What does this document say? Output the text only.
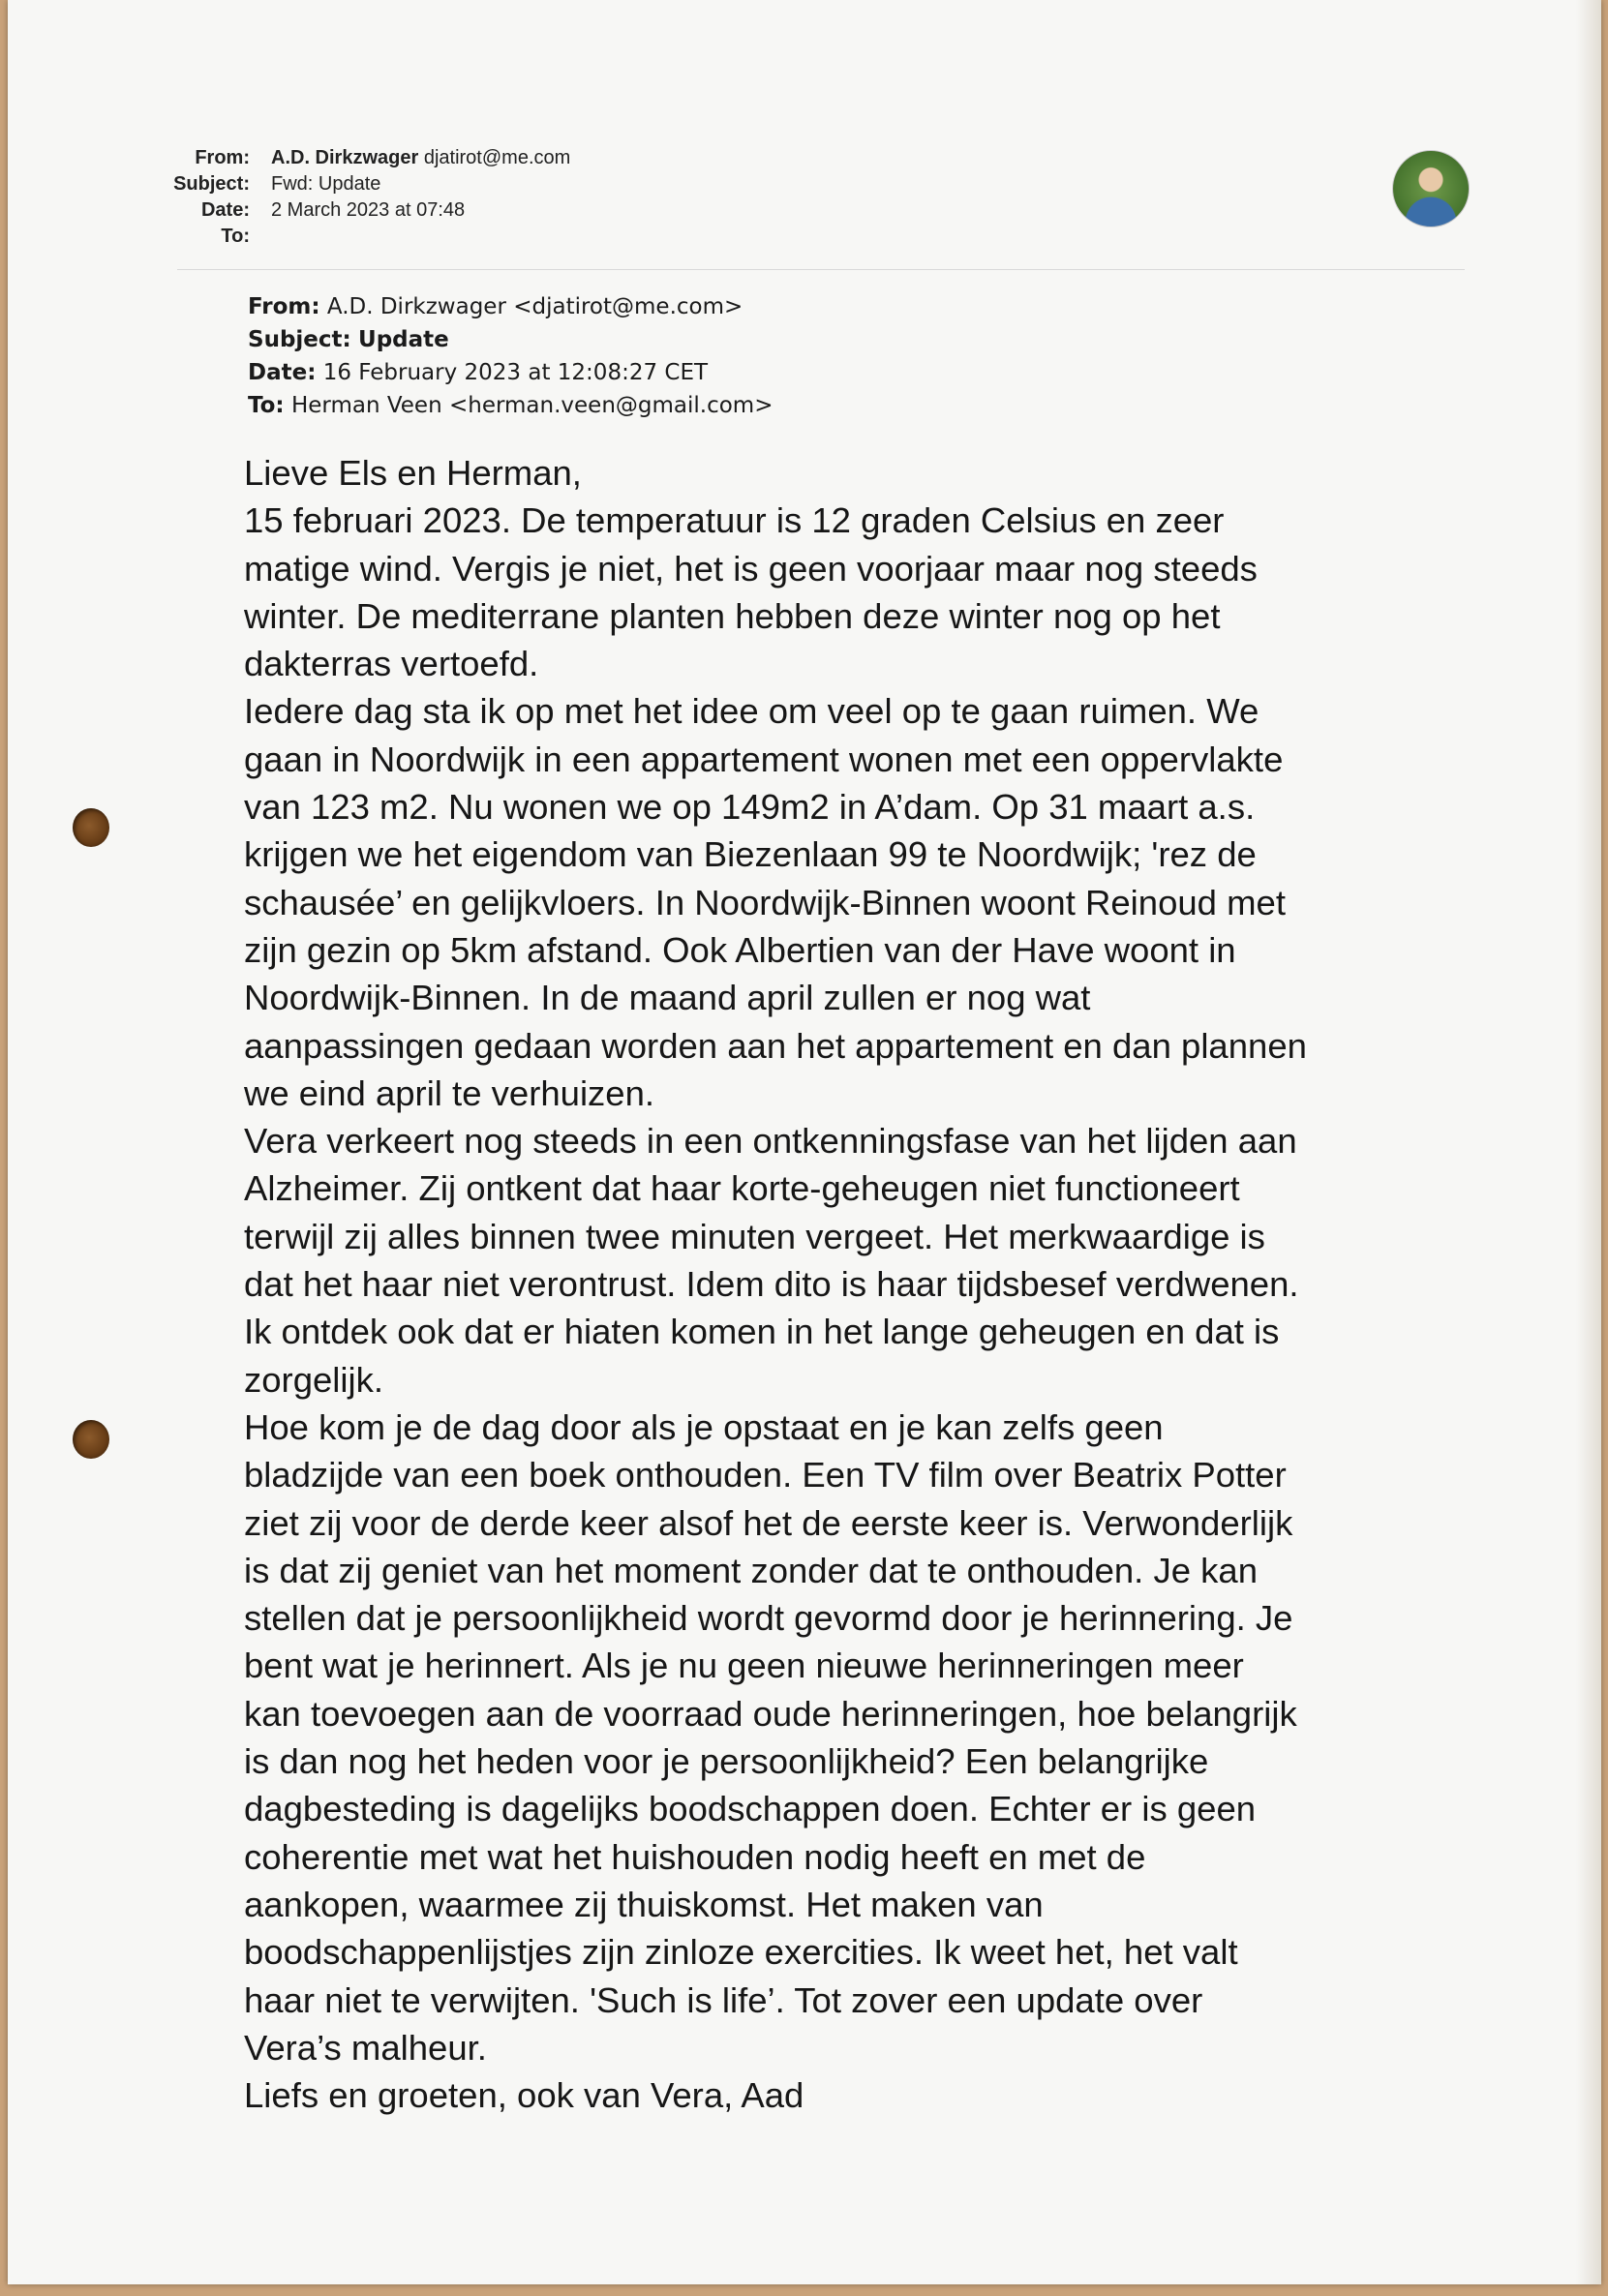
From: A.D. Dirkzwager djatirot@me.com
Subject: Fwd: Update
Date: 2 March 2023 at 07:48
To:
From: A.D. Dirkzwager <djatirot@me.com>
Subject: Update
Date: 16 February 2023 at 12:08:27 CET
To: Herman Veen <herman.veen@gmail.com>
Lieve Els en Herman,
15 februari 2023. De temperatuur is 12 graden Celsius en zeer
matige wind. Vergis je niet, het is geen voorjaar maar nog steeds
winter. De mediterrane planten hebben deze winter nog op het
dakterras vertoefd.
Iedere dag sta ik op met het idee om veel op te gaan ruimen. We
gaan in Noordwijk in een appartement wonen met een oppervlakte
van 123 m2. Nu wonen we op 149m2 in A’dam. Op 31 maart a.s.
krijgen we het eigendom van Biezenlaan 99 te Noordwijk; 'rez de
schausée’ en gelijkvloers. In Noordwijk-Binnen woont Reinoud met
zijn gezin op 5km afstand. Ook Albertien van der Have woont in
Noordwijk-Binnen. In de maand april zullen er nog wat
aanpassingen gedaan worden aan het appartement en dan plannen
we eind april te verhuizen.
Vera verkeert nog steeds in een ontkenningsfase van het lijden aan
Alzheimer. Zij ontkent dat haar korte-geheugen niet functioneert
terwijl zij alles binnen twee minuten vergeet. Het merkwaardige is
dat het haar niet verontrust. Idem dito is haar tijdsbesef verdwenen.
Ik ontdek ook dat er hiaten komen in het lange geheugen en dat is
zorgelijk.
Hoe kom je de dag door als je opstaat en je kan zelfs geen
bladzijde van een boek onthouden. Een TV film over Beatrix Potter
ziet zij voor de derde keer alsof het de eerste keer is. Verwonderlijk
is dat zij geniet van het moment zonder dat te onthouden. Je kan
stellen dat je persoonlijkheid wordt gevormd door je herinnering. Je
bent wat je herinnert. Als je nu geen nieuwe herinneringen meer
kan toevoegen aan de voorraad oude herinneringen, hoe belangrijk
is dan nog het heden voor je persoonlijkheid? Een belangrijke
dagbesteding is dagelijks boodschappen doen. Echter er is geen
coherentie met wat het huishouden nodig heeft en met de
aankopen, waarmee zij thuiskomst. Het maken van
boodschappenlijstjes zijn zinloze exercities. Ik weet het, het valt
haar niet te verwijten. 'Such is life’. Tot zover een update over
Vera’s malheur.
Liefs en groeten, ook van Vera, Aad
